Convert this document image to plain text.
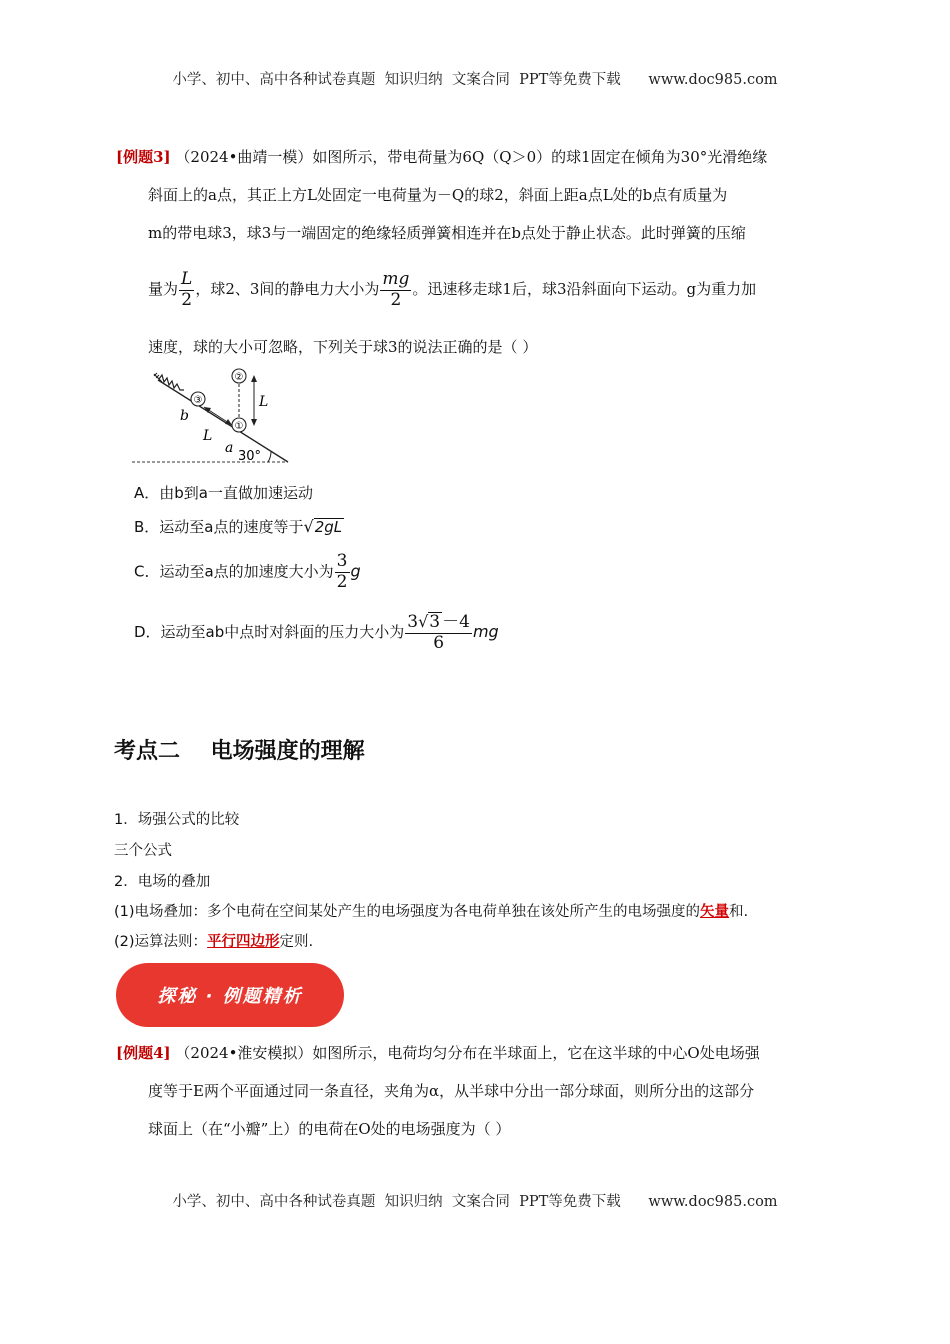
小学、初中、高中各种试卷真题  知识归纳  文案合同  PPT等免费下载      www.doc985.com
[例题3] （2024•曲靖一模）如图所示，带电荷量为6Q（Q＞0）的球1固定在倾角为30°光滑绝缘
斜面上的a点，其正上方L处固定一电荷量为－Q的球2，斜面上距a点L处的b点有质量为
m的带电球3，球3与一端固定的绝缘轻质弹簧相连并在b点处于静止状态。此时弹簧的压缩
量为 $\frac{L}{2}$ ，球2、3间的静电力大小为 $\frac{mg}{2}$ 。迅速移走球1后，球3沿斜面向下运动。g为重力加
速度，球的大小可忽略，下列关于球3的说法正确的是（ ）
③
①
②
L
b
L
a
30°
A．由b到a一直做加速运动
B．运动至a点的速度等于√2gL
C．运动至a点的加速度大小为 $\frac{3}{2}$ g
D．运动至ab中点时对斜面的压力大小为 $\frac{3√3 -4}{6}$ mg
考点二    电场强度的理解
1．场强公式的比较
三个公式
2．电场的叠加
(1)电场叠加：多个电荷在空间某处产生的电场强度为各电荷单独在该处所产生的电场强度的矢量和.
(2)运算法则：平行四边形定则.
探秘 · 例题精析
[例题4] （2024•淮安模拟）如图所示，电荷均匀分布在半球面上，它在这半球的中心O处电场强
度等于E两个平面通过同一条直径，夹角为α，从半球中分出一部分球面，则所分出的这部分
球面上（在“小瓣”上）的电荷在O处的电场强度为（ ）
小学、初中、高中各种试卷真题  知识归纳  文案合同  PPT等免费下载      www.doc985.com
